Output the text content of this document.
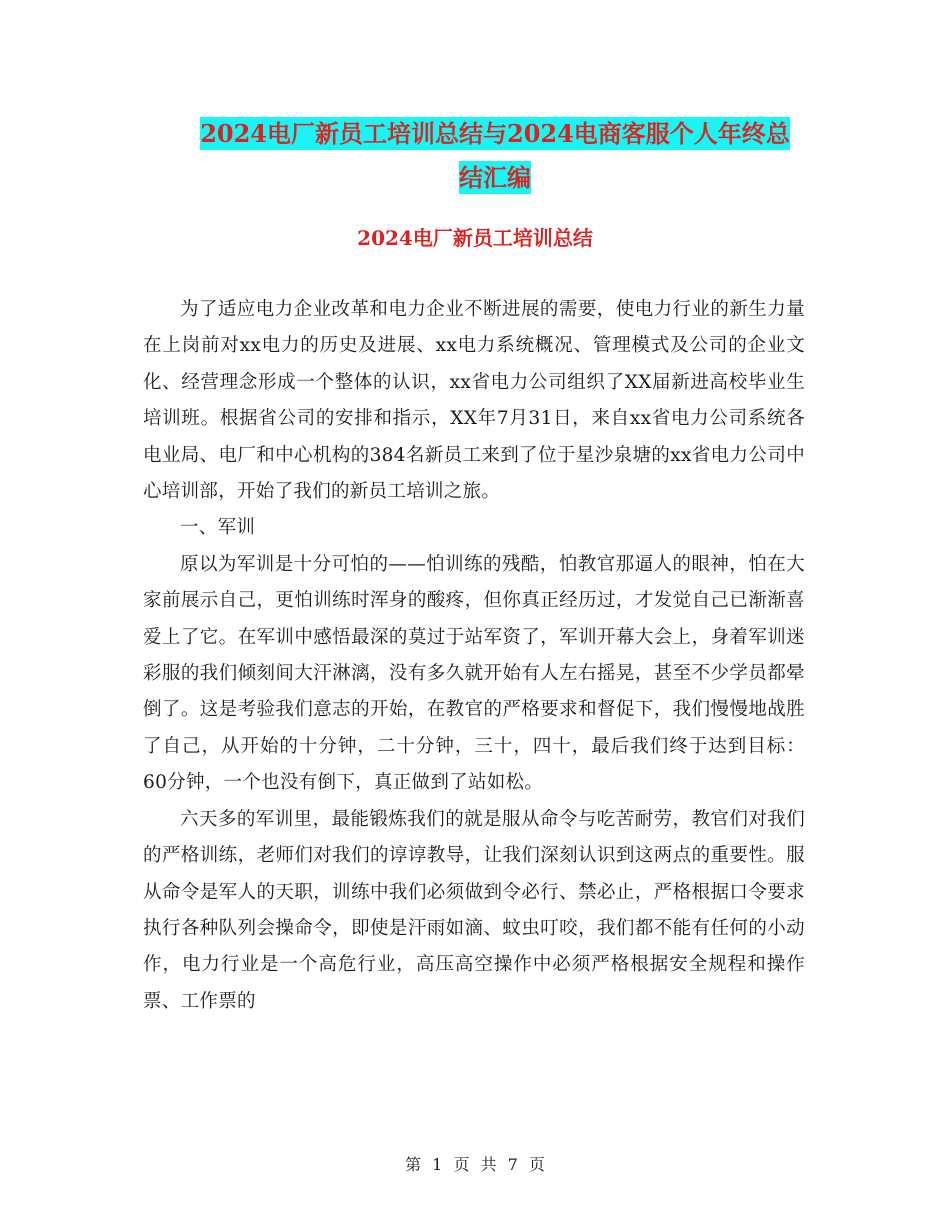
2024电厂新员工培训总结与2024电商客服个人年终总
结汇编
2024电厂新员工培训总结

为了适应电力企业改革和电力企业不断进展的需要，使电力行业的新生力量在上岗前对xx电力的历史及进展、xx电力系统概况、管理模式及公司的企业文化、经营理念形成一个整体的认识，xx省电力公司组织了XX届新进高校毕业生培训班。根据省公司的安排和指示，XX年7月31日，来自xx省电力公司系统各电业局、电厂和中心机构的384名新员工来到了位于星沙泉塘的xx省电力公司中心培训部，开始了我们的新员工培训之旅。

一、军训

原以为军训是十分可怕的——怕训练的残酷，怕教官那逼人的眼神，怕在大家前展示自己，更怕训练时浑身的酸疼，但你真正经历过，才发觉自己已渐渐喜爱上了它。在军训中感悟最深的莫过于站军资了，军训开幕大会上，身着军训迷彩服的我们倾刻间大汗淋漓，没有多久就开始有人左右摇晃，甚至不少学员都晕倒了。这是考验我们意志的开始，在教官的严格要求和督促下，我们慢慢地战胜了自己，从开始的十分钟，二十分钟，三十，四十，最后我们终于达到目标：60分钟，一个也没有倒下，真正做到了站如松。

六天多的军训里，最能锻炼我们的就是服从命令与吃苦耐劳，教官们对我们的严格训练，老师们对我们的谆谆教导，让我们深刻认识到这两点的重要性。服从命令是军人的天职，训练中我们必须做到令必行、禁必止，严格根据口令要求执行各种队列会操命令，即使是汗雨如滴、蚊虫叮咬，我们都不能有任何的小动作，电力行业是一个高危行业，高压高空操作中必须严格根据安全规程和操作票、工作票的

第 1 页 共 7 页
